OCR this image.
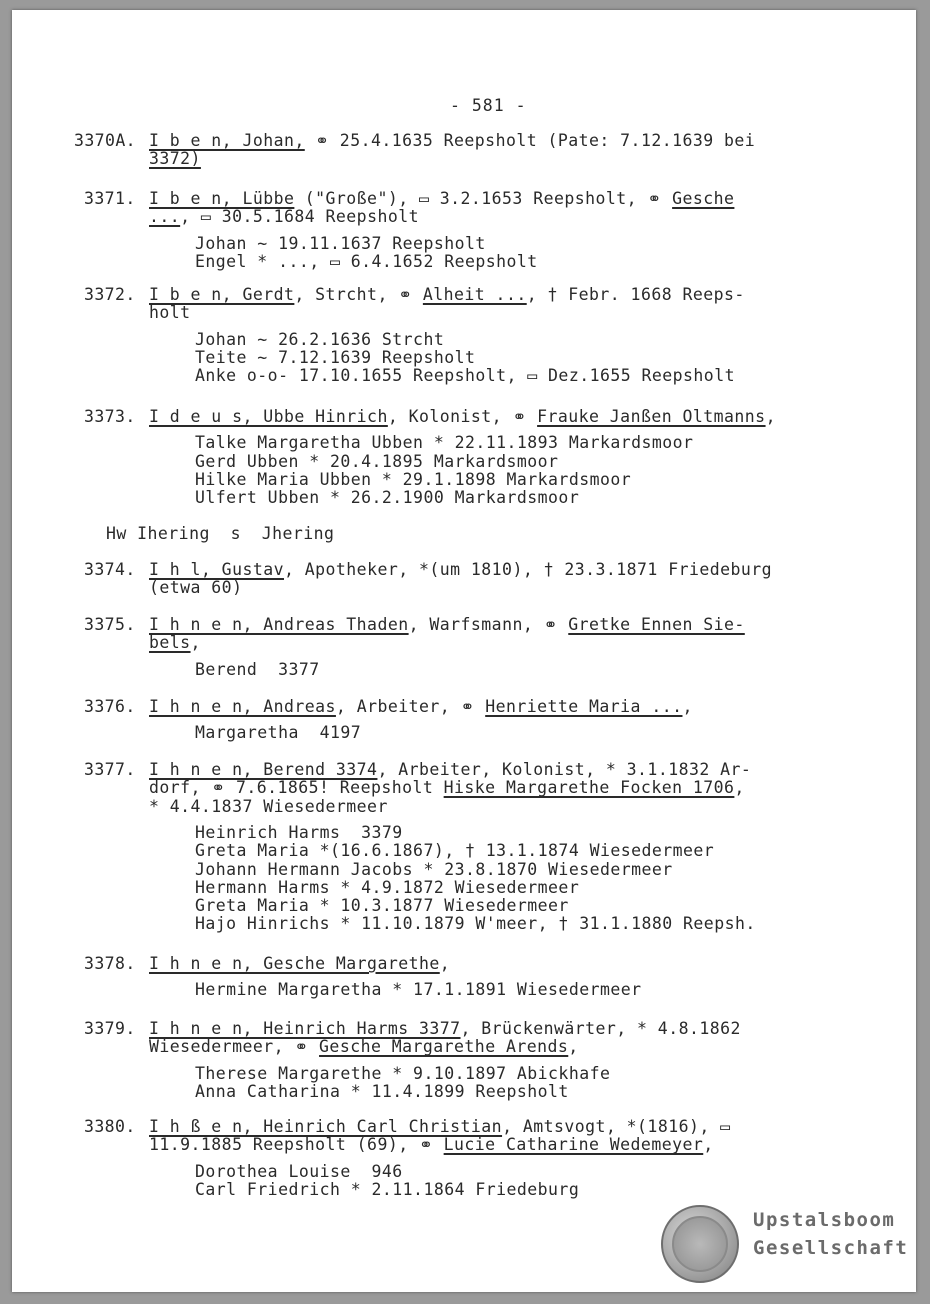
- 581 -
3370A. I b e n, Johan, ⚭ 25.4.1635 Reepsholt (Pate: 7.12.1639 bei
3372)
3371. I b e n, Lübbe ("Große"), ▭ 3.2.1653 Reepsholt, ⚭ Gesche
..., ▭ 30.5.1684 Reepsholt
Johan ~ 19.11.1637 Reepsholt
Engel * ..., ▭ 6.4.1652 Reepsholt
3372. I b e n, Gerdt, Strcht, ⚭ Alheit ..., † Febr. 1668 Reeps-
holt
Johan ~ 26.2.1636 Strcht
Teite ~ 7.12.1639 Reepsholt
Anke o-o- 17.10.1655 Reepsholt, ▭ Dez.1655 Reepsholt
3373. I d e u s, Ubbe Hinrich, Kolonist, ⚭ Frauke Janßen Oltmanns,
Talke Margaretha Ubben * 22.11.1893 Markardsmoor
Gerd Ubben * 20.4.1895 Markardsmoor
Hilke Maria Ubben * 29.1.1898 Markardsmoor
Ulfert Ubben * 26.2.1900 Markardsmoor
Hw Ihering  s  Jhering
3374. I h l, Gustav, Apotheker, *(um 1810), † 23.3.1871 Friedeburg
(etwa 60)
3375. I h n e n, Andreas Thaden, Warfsmann, ⚭ Gretke Ennen Sie-
bels,
Berend  3377
3376. I h n e n, Andreas, Arbeiter, ⚭ Henriette Maria ...,
Margaretha  4197
3377. I h n e n, Berend 3374, Arbeiter, Kolonist, * 3.1.1832 Ar-
dorf, ⚭ 7.6.1865! Reepsholt Hiske Margarethe Focken 1706,
* 4.4.1837 Wiesedermeer
Heinrich Harms  3379
Greta Maria *(16.6.1867), † 13.1.1874 Wiesedermeer
Johann Hermann Jacobs * 23.8.1870 Wiesedermeer
Hermann Harms * 4.9.1872 Wiesedermeer
Greta Maria * 10.3.1877 Wiesedermeer
Hajo Hinrichs * 11.10.1879 W'meer, † 31.1.1880 Reepsh.
3378. I h n e n, Gesche Margarethe,
Hermine Margaretha * 17.1.1891 Wiesedermeer
3379. I h n e n, Heinrich Harms 3377, Brückenwärter, * 4.8.1862
Wiesedermeer, ⚭ Gesche Margarethe Arends,
Therese Margarethe * 9.10.1897 Abickhafe
Anna Catharina * 11.4.1899 Reepsholt
3380. I h ß e n, Heinrich Carl Christian, Amtsvogt, *(1816), ▭
11.9.1885 Reepsholt (69), ⚭ Lucie Catharine Wedemeyer,
Dorothea Louise  946
Carl Friedrich * 2.11.1864 Friedeburg
Upstalsboom
Gesellschaft
